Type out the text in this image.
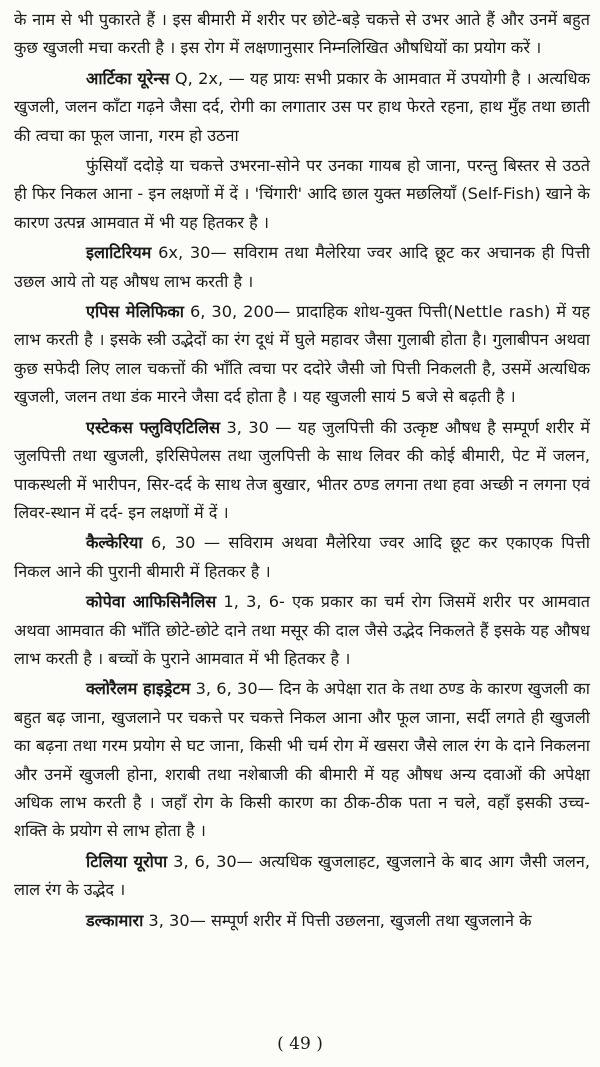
के नाम से भी पुकारते हैं । इस बीमारी में शरीर पर छोटे-बड़े चकत्ते से उभर आते हैं और उनमें बहुत कुछ खुजली मचा करती है । इस रोग में लक्षणानुसार निम्नलिखित औषधियों का प्रयोग करें ।

आर्टिका यूरेन्स Q, 2x, — यह प्रायः सभी प्रकार के आमवात में उपयोगी है । अत्यधिक खुजली, जलन काँटा गढ़ने जैसा दर्द, रोगी का लगातार उस पर हाथ फेरते रहना, हाथ मुँह तथा छाती की त्वचा का फूल जाना, गरम हो उठना

फुंसियाँ ददोड़े या चकत्ते उभरना-सोने पर उनका गायब हो जाना, परन्तु बिस्तर से उठते ही फिर निकल आना - इन लक्षणों में दें । 'चिंगारी' आदि छाल युक्त मछलियाँ (Self-Fish) खाने के कारण उत्पन्न आमवात में भी यह हितकर है ।

इलाटिरियम 6x, 30— सविराम तथा मैलेरिया ज्वर आदि छूट कर अचानक ही पित्ती उछल आये तो यह औषध लाभ करती है ।

एपिस मेलिफिका 6, 30, 200— प्रादाहिक शोथ-युक्त पित्ती(Nettle rash) में यह लाभ करती है । इसके स्त्री उद्भेदों का रंग दूधं में घुले महावर जैसा गुलाबी होता है। गुलाबीपन अथवा कुछ सफेदी लिए लाल चकत्तों की भाँति त्वचा पर ददोरे जैसी जो पित्ती निकलती है, उसमें अत्यधिक खुजली, जलन तथा डंक मारने जैसा दर्द होता है । यह खुजली सायं 5 बजे से बढ़ती है ।

एस्टेकस फ्लुविएटिलिस 3, 30 — यह जुलपित्ती की उत्कृष्ट औषध है सम्पूर्ण शरीर में जुलपित्ती तथा खुजली, इरिसिपेलस तथा जुलपित्ती के साथ लिवर की कोई बीमारी, पेट में जलन, पाकस्थली में भारीपन, सिर-दर्द के साथ तेज बुखार, भीतर ठण्ड लगना तथा हवा अच्छी न लगना एवं लिवर-स्थान में दर्द- इन लक्षणों में दें ।

कैल्केरिया 6, 30 — सविराम अथवा मैलेरिया ज्वर आदि छूट कर एकाएक पित्ती निकल आने की पुरानी बीमारी में हितकर है ।

कोपेवा आफिसिनैलिस 1, 3, 6- एक प्रकार का चर्म रोग जिसमें शरीर पर आमवात अथवा आमवात की भाँति छोटे-छोटे दाने तथा मसूर की दाल जैसे उद्भेद निकलते हैं इसके यह औषध लाभ करती है । बच्चों के पुराने आमवात में भी हितकर है ।

क्लोरैलम हाइड्रेटम 3, 6, 30— दिन के अपेक्षा रात के तथा ठण्ड के कारण खुजली का बहुत बढ़ जाना, खुजलाने पर चकत्ते पर चकत्ते निकल आना और फूल जाना, सर्दी लगते ही खुजली का बढ़ना तथा गरम प्रयोग से घट जाना, किसी भी चर्म रोग में खसरा जैसे लाल रंग के दाने निकलना और उनमें खुजली होना, शराबी तथा नशेबाजी की बीमारी में यह औषध अन्य दवाओं की अपेक्षा अधिक लाभ करती है । जहाँ रोग के किसी कारण का ठीक-ठीक पता न चले, वहाँ इसकी उच्च-शक्ति के प्रयोग से लाभ होता है ।

टिलिया यूरोपा 3, 6, 30— अत्यधिक खुजलाहट, खुजलाने के बाद आग जैसी जलन, लाल रंग के उद्भेद ।

डल्कामारा 3, 30— सम्पूर्ण शरीर में पित्ती उछलना, खुजली तथा खुजलाने के

( 49 )
